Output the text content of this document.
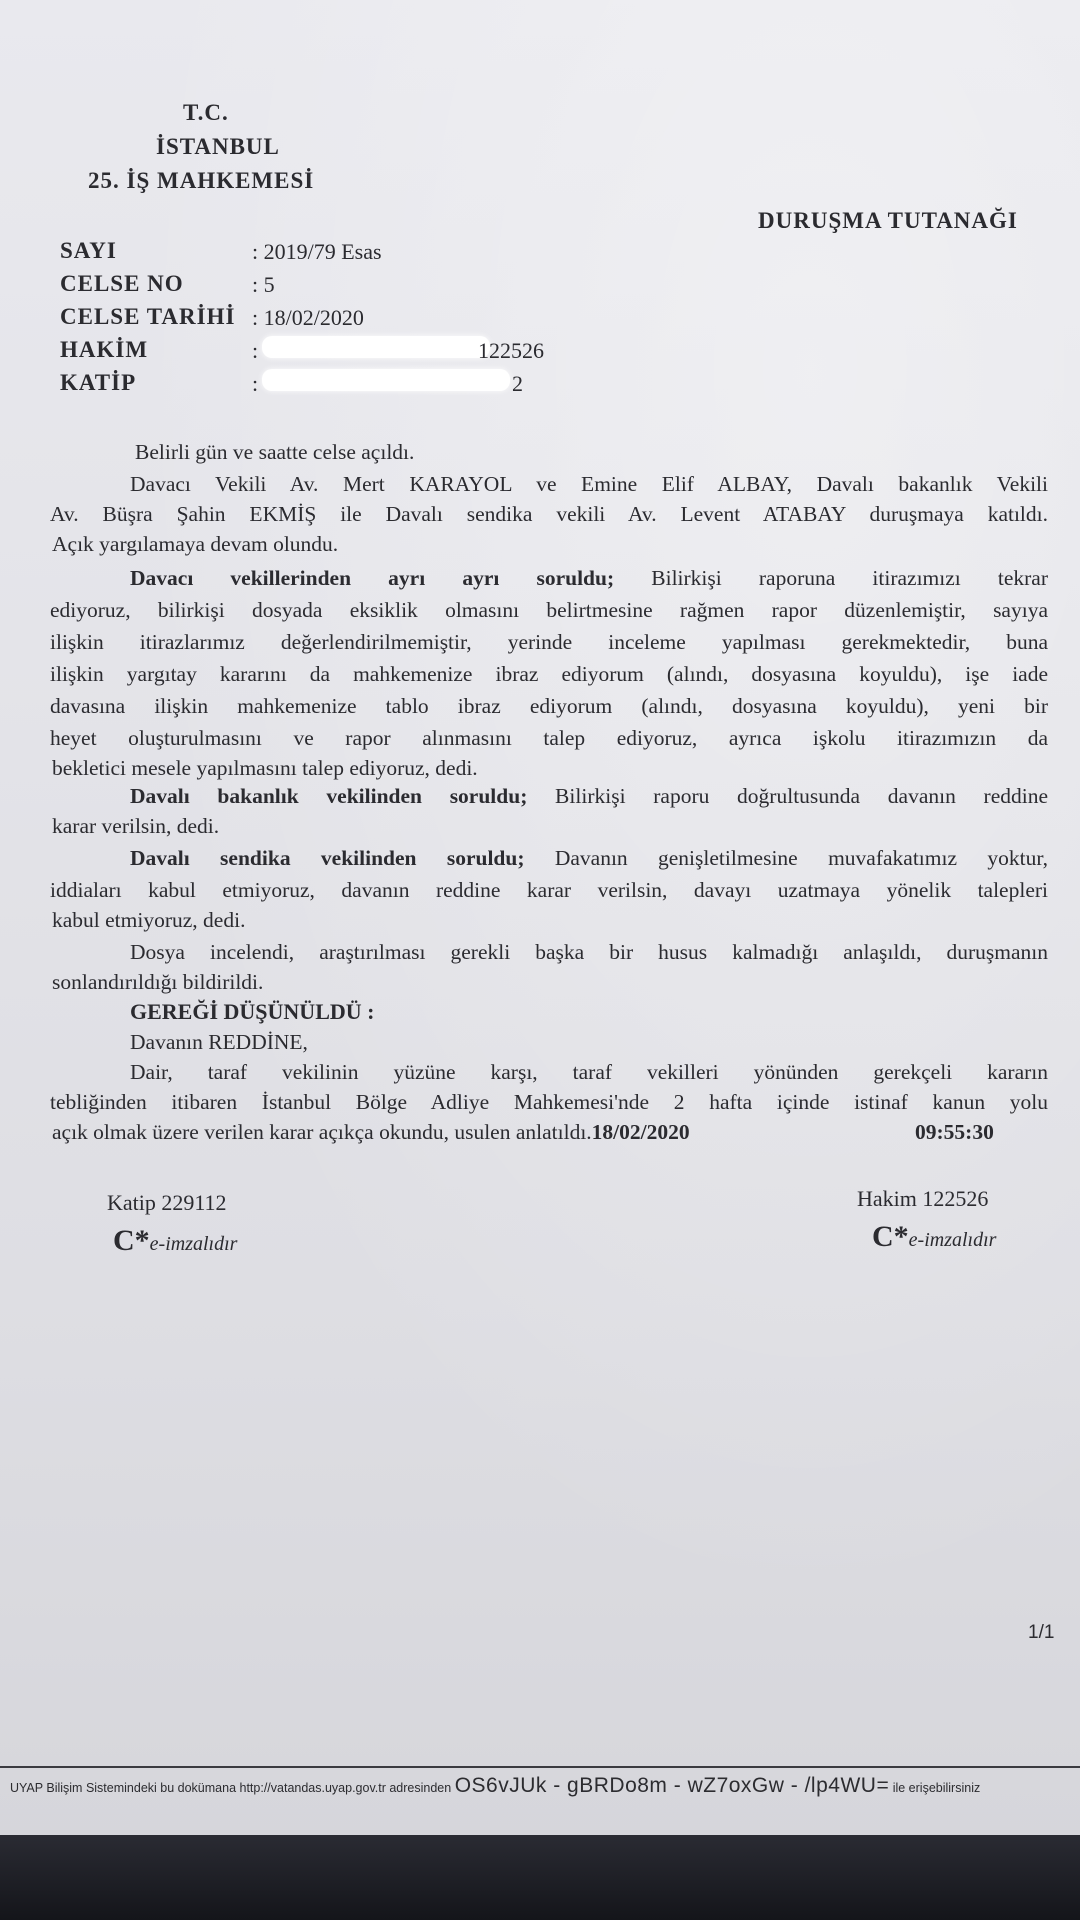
T.C.
İSTANBUL
25. İŞ MAHKEMESİ
DURUŞMA TUTANAĞI
SAYI	: 2019/79 Esas
CELSE NO	: 5
CELSE TARİHİ : 18/02/2020
HAKİM	:	122526
KATİP	:	2
Belirli gün ve saatte celse açıldı.
Davacı Vekili Av. Mert KARAYOL ve Emine Elif ALBAY, Davalı bakanlık Vekili
Av. Büşra Şahin EKMİŞ ile Davalı sendika vekili Av. Levent ATABAY duruşmaya katıldı.
Açık yargılamaya devam olundu.
Davacı vekillerinden ayrı ayrı soruldu; Bilirkişi raporuna itirazımızı tekrar
ediyoruz, bilirkişi dosyada eksiklik olmasını belirtmesine rağmen rapor düzenlemiştir, sayıya
ilişkin itirazlarımız değerlendirilmemiştir, yerinde inceleme yapılması gerekmektedir, buna
ilişkin yargıtay kararını da mahkemenize ibraz ediyorum (alındı, dosyasına koyuldu), işe iade
davasına ilişkin mahkemenize tablo ibraz ediyorum (alındı, dosyasına koyuldu), yeni bir
heyet oluşturulmasını ve rapor alınmasını talep ediyoruz, ayrıca işkolu itirazımızın da
bekletici mesele yapılmasını talep ediyoruz, dedi.
Davalı bakanlık vekilinden soruldu; Bilirkişi raporu doğrultusunda davanın reddine
karar verilsin, dedi.
Davalı sendika vekilinden soruldu; Davanın genişletilmesine muvafakatımız yoktur,
iddiaları kabul etmiyoruz, davanın reddine karar verilsin, davayı uzatmaya yönelik talepleri
kabul etmiyoruz, dedi.
Dosya incelendi, araştırılması gerekli başka bir husus kalmadığı anlaşıldı, duruşmanın
sonlandırıldığı bildirildi.
GEREĞİ DÜŞÜNÜLDÜ :
Davanın REDDİNE,
Dair, taraf vekilinin yüzüne karşı, taraf vekilleri yönünden gerekçeli kararın
tebliğinden itibaren İstanbul Bölge Adliye Mahkemesi'nde 2 hafta içinde istinaf kanun yolu
açık olmak üzere verilen karar açıkça okundu, usulen anlatıldı.18/02/2020	09:55:30
Katip 229112
C*e-imzalıdır
Hakim 122526
C*e-imzalıdır
1/1
UYAP Bilişim Sistemindeki bu dokümana http://vatandas.uyap.gov.tr adresinden OS6vJUk - gBRDo8m - wZ7oxGw - /lp4WU= ile erişebilirsiniz
